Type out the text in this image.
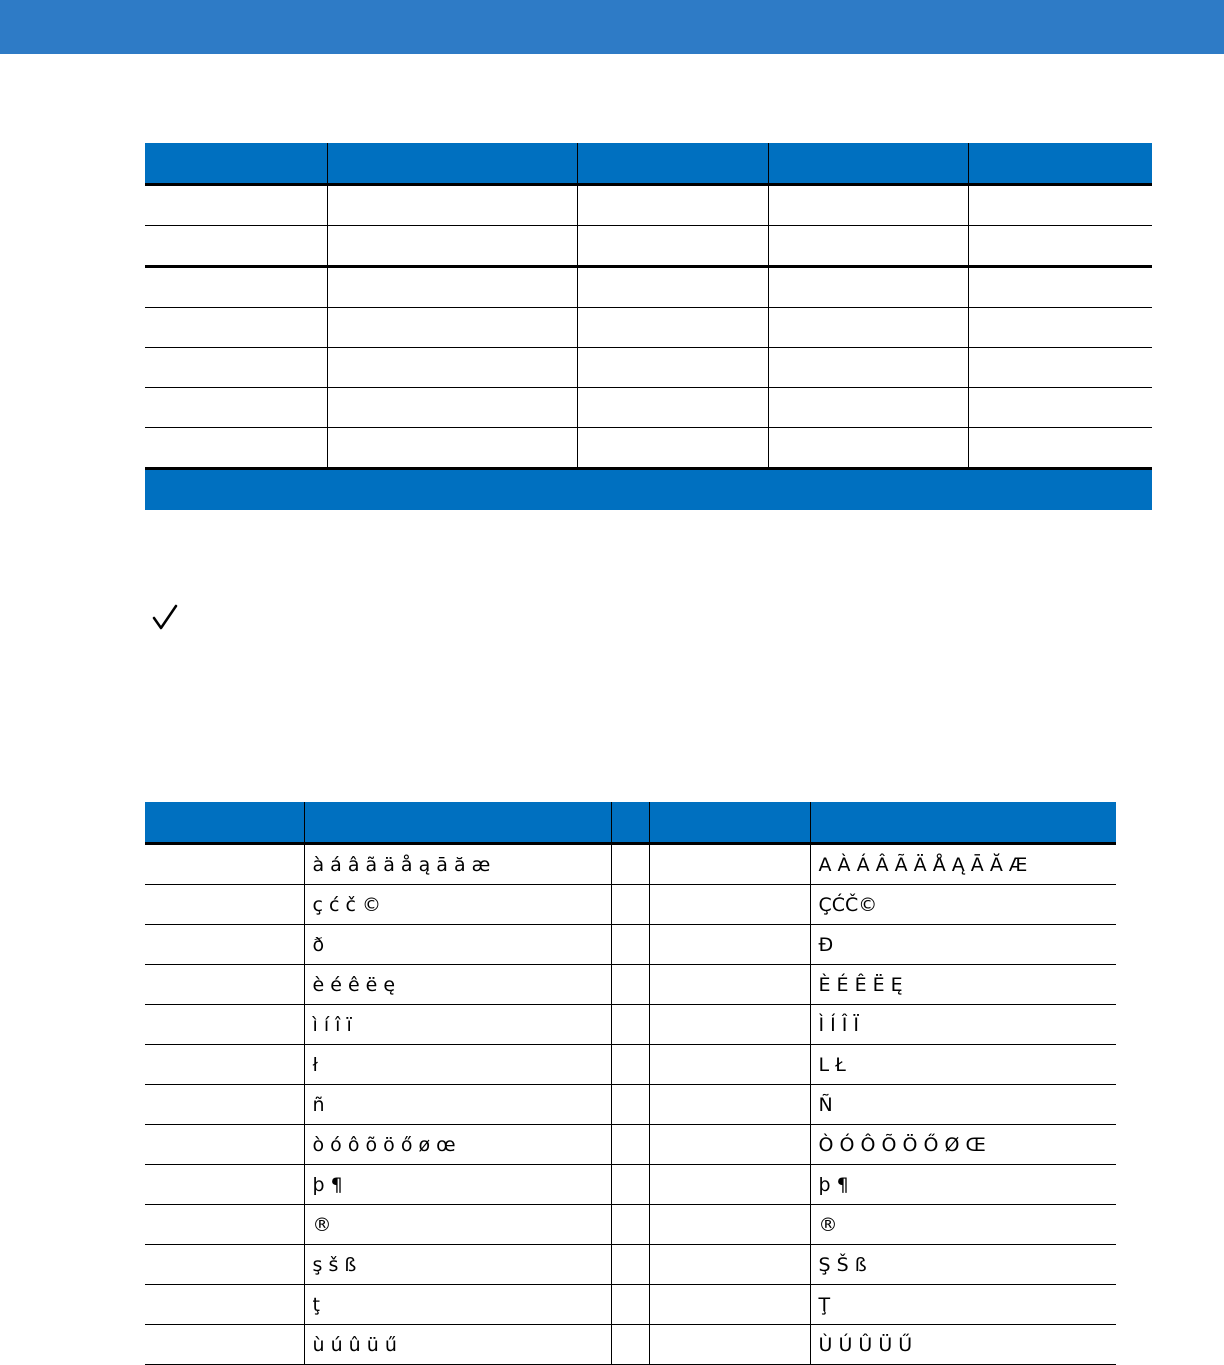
	à á â ã ä å ą ā ă æ			A À Á Â Ã Ä Å Ą Ā Ă Æ
	ç ć č ©			ÇĆČ©
	ð			Ð
	è é ê ë ę			È É Ê Ë Ę
	ì í î ï			Ì Í Î Ï
	ł			L Ł
	ñ			Ñ
	ò ó ô õ ö ő ø œ			Ò Ó Ô Õ Ö Ő Ø Œ
	þ ¶			þ ¶
	®			®
	ş š ß			Ş Š ß
	ţ			Ţ
	ù ú û ü ű			Ù Ú Û Ü Ű
